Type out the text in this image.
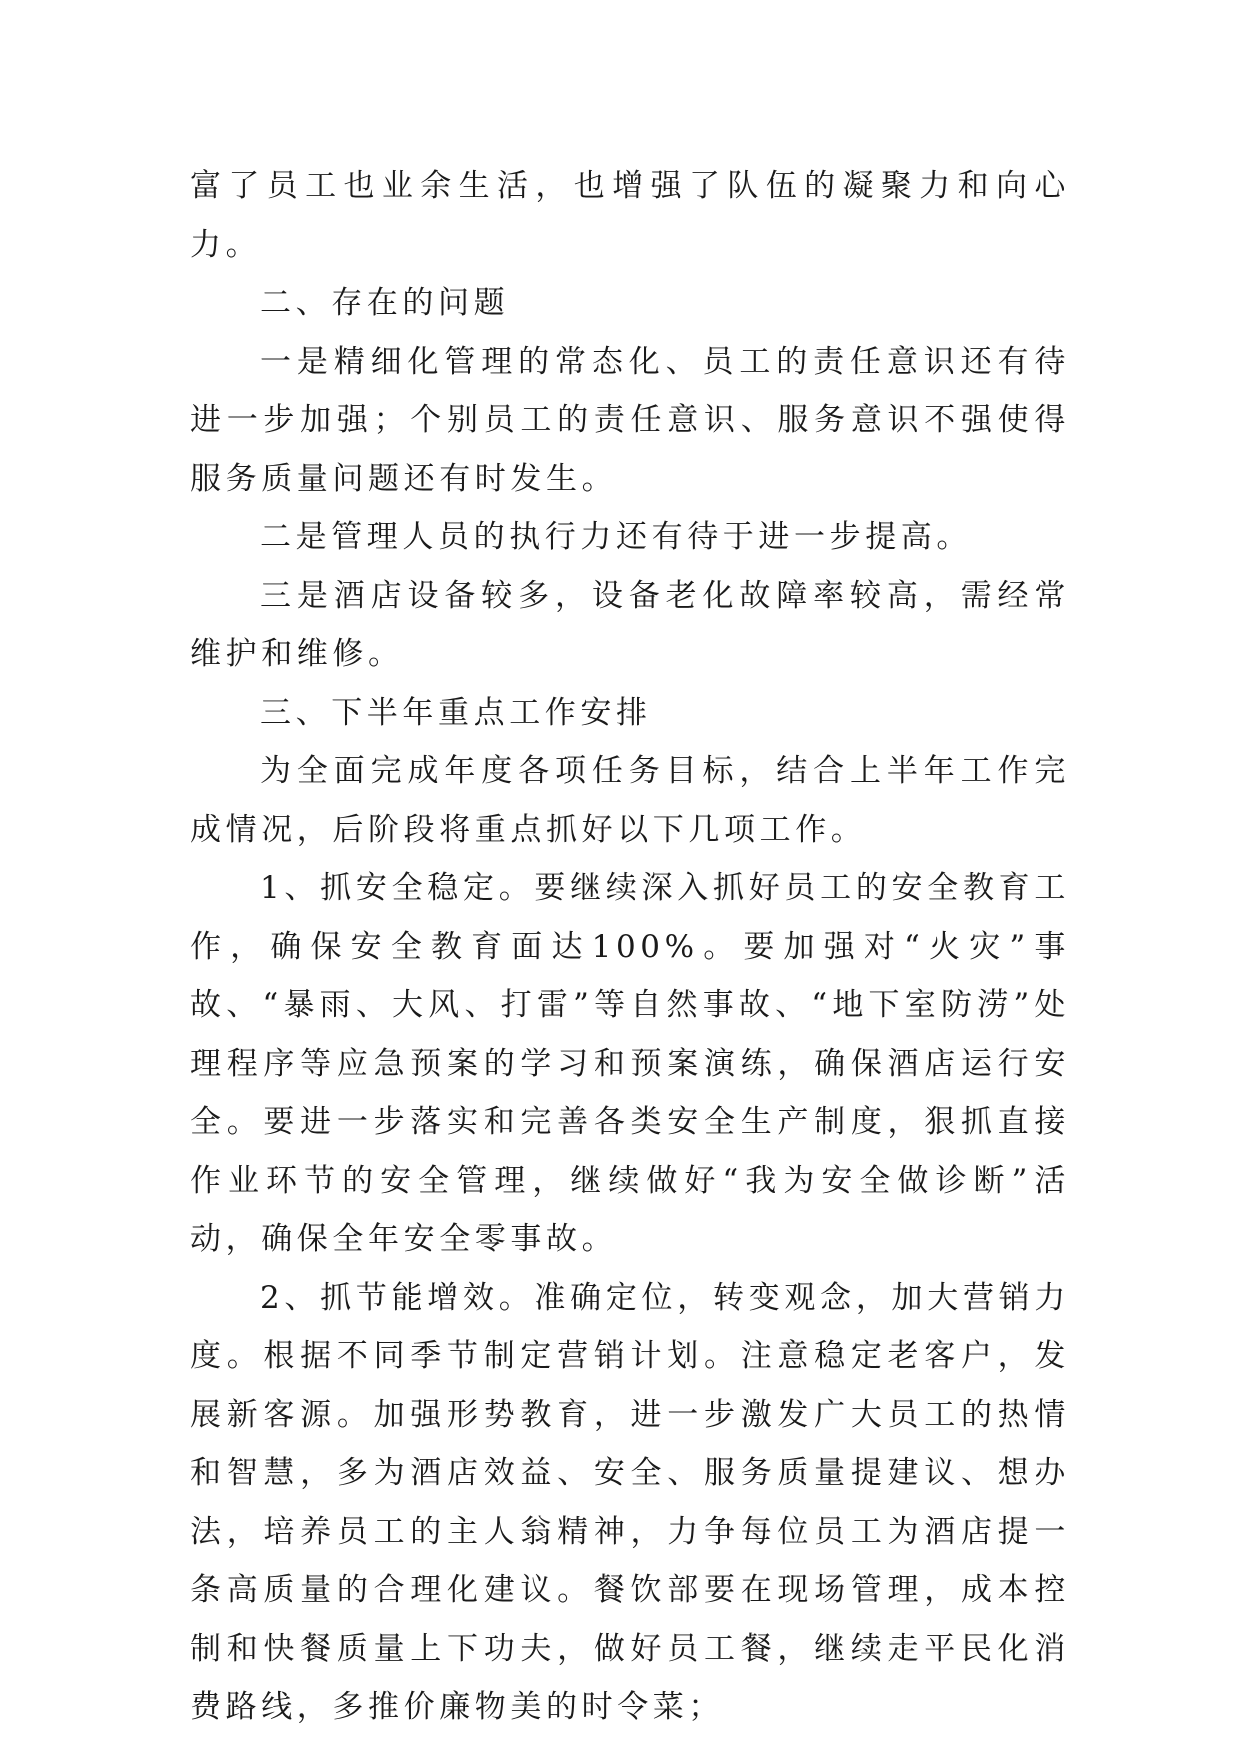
富了员工也业余生活，也增强了队伍的凝聚力和向心力。

二、存在的问题

一是精细化管理的常态化、员工的责任意识还有待进一步加强；个别员工的责任意识、服务意识不强使得服务质量问题还有时发生。

二是管理人员的执行力还有待于进一步提高。

三是酒店设备较多，设备老化故障率较高，需经常维护和维修。

三、下半年重点工作安排

为全面完成年度各项任务目标，结合上半年工作完成情况，后阶段将重点抓好以下几项工作。

1、抓安全稳定。要继续深入抓好员工的安全教育工作，确保安全教育面达100%。要加强对“火灾”事故、“暴雨、大风、打雷”等自然事故、“地下室防涝”处理程序等应急预案的学习和预案演练，确保酒店运行安全。要进一步落实和完善各类安全生产制度，狠抓直接作业环节的安全管理，继续做好“我为安全做诊断”活动，确保全年安全零事故。

2、抓节能增效。准确定位，转变观念，加大营销力度。根据不同季节制定营销计划。注意稳定老客户，发展新客源。加强形势教育，进一步激发广大员工的热情和智慧，多为酒店效益、安全、服务质量提建议、想办法，培养员工的主人翁精神，力争每位员工为酒店提一条高质量的合理化建议。餐饮部要在现场管理，成本控制和快餐质量上下功夫，做好员工餐，继续走平民化消费路线，多推价廉物美的时令菜；
